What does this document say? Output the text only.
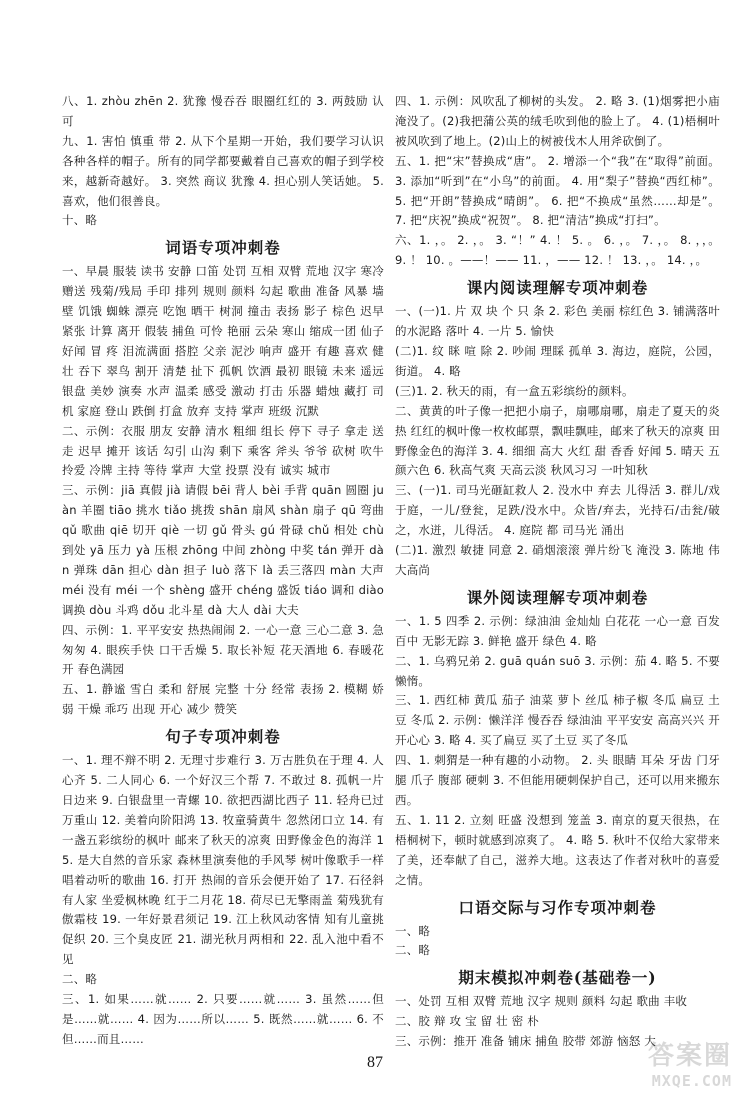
八、1. zhòu zhēn 2. 犹豫 慢吞吞 眼圈红红的 3. 两鼓励 认可

九、1. 害怕 慎重 带 2. 从下个星期一开始，我们要学习认识各种各样的帽子。所有的同学都要戴着自己喜欢的帽子到学校来，越新奇越好。 3. 突然 商议 犹豫 4. 担心别人笑话她。 5. 喜欢，他们很善良。

十、略

词语专项冲刺卷

一、早晨 服装 读书 安静 口笛 处罚 互相 双臂 荒地 汉字 寒冷 赠送 残菊/残局 手印 排列 规则 颜料 勾起 歌曲 准备 风暴 墙壁 饥饿 蜘蛛 漂亮 吃饱 晒干 树洞 撞击 表扬 影子 棕色 迟早 紧张 计算 离开 假装 捕鱼 可怜 艳丽 云朵 寒山 缩成一团 仙子 好闻 冒 疼 泪流满面 搭腔 父亲 泥沙 响声 盛开 有趣 喜欢 健壮 吞下 翠鸟 割开 清楚 扯下 孤帆 饮酒 最初 眼镜 未来 遥远 银盘 美妙 演奏 水声 温柔 感受 激动 打击 乐器 蜡烛 藏打 司机 家庭 登山 跌倒 打盒 放弃 支持 掌声 班级 沉默

二、示例：衣服 朋友 安静 清水 粗细 组长 停下 寻子 拿走 送走 迟早 摊开 该话 勾引 山沟 剩下 乘客 斧头 爷爷 砍树 吹牛 拎爱 冷牌 主持 等待 掌声 大堂 投票 没有 诚实 城市

三、示例：jiā 真假 jià 请假 bēi 背人 bèi 手背 quān 圆圈 juàn 羊圈 tiāo 挑水 tiǎo 挑拨 shān 扇风 shàn 扇子 qū 弯曲 qǔ 歌曲 qiē 切开 qiè 一切 gǔ 骨头 gú 骨碌 chǔ 相处 chù 到处 yā 压力 yà 压根 zhōng 中间 zhòng 中奖 tán 弹开 dàn 弹珠 dān 担心 dàn 担子 luò 落下 là 丢三落四 màn 大声 méi 没有 méi 一个 shèng 盛开 chéng 盛饭 tiáo 调和 diào 调换 dòu 斗鸡 dǒu 北斗星 dà 大人 dài 大夫

四、示例：1. 平平安安 热热闹闹 2. 一心一意 三心二意 3. 急匆匆 4. 眼疾手快 口干舌燥 5. 取长补短 花天酒地 6. 春暖花开 春色满园

五、1. 静谧 雪白 柔和 舒展 完整 十分 经常 表扬 2. 模糊 娇弱 干燥 乖巧 出现 开心 减少 赞笑

句子专项冲刺卷

一、1. 理不辩不明 2. 无理寸步难行 3. 万古胜负在于理 4. 人心齐 5. 二人同心 6. 一个好汉三个帮 7. 不敢过 8. 孤帆一片日边来 9. 白银盘里一青螺 10. 欲把西湖比西子 11. 轻舟已过万重山 12. 美着向阶阳鸿 13. 牧童骑黄牛 忽然闭口立 14. 有一盏五彩缤纷的枫叶 邮来了秋天的凉爽 田野像金色的海洋 15. 是大自然的音乐家 森林里演奏他的手风琴 树叶像歌手一样 唱着动听的歌曲 16. 打开 热闹的音乐会便开始了 17. 石径斜 有人家 坐爱枫林晚 红于二月花 18. 荷尽已无擎雨盖 菊残犹有傲霜枝 19. 一年好景君须记 19. 江上秋风动客情 知有儿童挑促织 20. 三个臭皮匠 21. 湖光秋月两相和 22. 乱入池中看不见

二、略

三、1. 如果……就…… 2. 只要……就…… 3. 虽然……但是……就…… 4. 因为……所以…… 5. 既然……就…… 6. 不但……而且……

四、1. 示例：风吹乱了柳树的头发。 2. 略 3. (1)烟雾把小庙淹没了。(2)我把蒲公英的绒毛吹到他的脸上了。 4. (1)梧桐叶被风吹到了地上。(2)山上的树被伐木人用斧砍倒了。

五、1. 把“宋”替换成“唐”。 2. 增添一个“我”在“取得”前面。 3. 添加“听到”在“小鸟”的前面。 4. 用“梨子”替换“西红柿”。 5. 把“开朗”替换成“晴朗”。 6. 把“不换成“虽然……却是”。 7. 把“庆祝”换成“祝贺”。 8. 把“清洁”换成“打扫”。

六、1. ，。 2. ，。 3. “！” 4. ！ 5. 。 6. ，。 7. ，。 8. ，，。 9. ！ 10. 。——！—— 11. ，—— 12. ！ 13. ，。 14. ，。

课内阅读理解专项冲刺卷

一、(一)1. 片 双 块 个 只 条 2. 彩色 美丽 棕红色 3. 铺满落叶的水泥路 落叶 4. 一片 5. 愉快

(二)1. 纹 眯 喧 除 2. 吵闹 理睬 孤单 3. 海边，庭院，公园，街道。 4. 略

(三)1. 2. 秋天的雨，有一盒五彩缤纷的颜料。

二、黄黄的叶子像一把把小扇子，扇哪扇哪，扇走了夏天的炎热 红红的枫叶像一枚枚邮票，飘哇飘哇，邮来了秋天的凉爽 田野像金色的海洋 3. 4. 细细 高大 火红 甜 香香 好闻 5. 晴天 五颜六色 6. 秋高气爽 天高云淡 秋风习习 一叶知秋

三、(一)1. 司马光砸缸救人 2. 没水中 弃去 儿得活 3. 群儿/戏于庭，一儿/登瓮，足跌/没水中。众皆/弃去，光持石/击瓮/破之，水迸，儿得活。 4. 庭院 都 司马光 涌出

(二)1. 激烈 敏捷 同意 2. 硝烟滚滚 弹片纷飞 淹没 3. 陈地 伟大高尚

课外阅读理解专项冲刺卷

一、1. 5 四季 2. 示例：绿油油 金灿灿 白花花 一心一意 百发百中 无影无踪 3. 鲜艳 盛开 绿色 4. 略

二、1. 乌鸦兄弟 2. guā quán suō 3. 示例：茄 4. 略 5. 不要懒惰。

三、1. 西红柿 黄瓜 茄子 油菜 萝卜 丝瓜 柿子椒 冬瓜 扁豆 土豆 冬瓜 2. 示例：懒洋洋 慢吞吞 绿油油 平平安安 高高兴兴 开开心心 3. 略 4. 买了扁豆 买了土豆 买了冬瓜

四、1. 刺猬是一种有趣的小动物。 2. 头 眼睛 耳朵 牙齿 门牙 腿 爪子 腹部 硬刺 3. 不但能用硬刺保护自己，还可以用来搬东西。

五、1. 11 2. 立刻 旺盛 没想到 笼盖 3. 南京的夏天很热，在梧桐树下，顿时就感到凉爽了。 4. 略 5. 秋叶不仅给大家带来了美，还奉献了自己，滋养大地。这表达了作者对秋叶的喜爱之情。

口语交际与习作专项冲刺卷

一、略

二、略

期末模拟冲刺卷(基础卷一)

一、处罚 互相 双臂 荒地 汉字 规则 颜料 勾起 歌曲 丰收

二、胶 辩 攻 宝 留 壮 密 朴

三、示例：推开 准备 铺床 捕鱼 胶带 郊游 恼怒 大

87	答案圈
MXQE.COM
